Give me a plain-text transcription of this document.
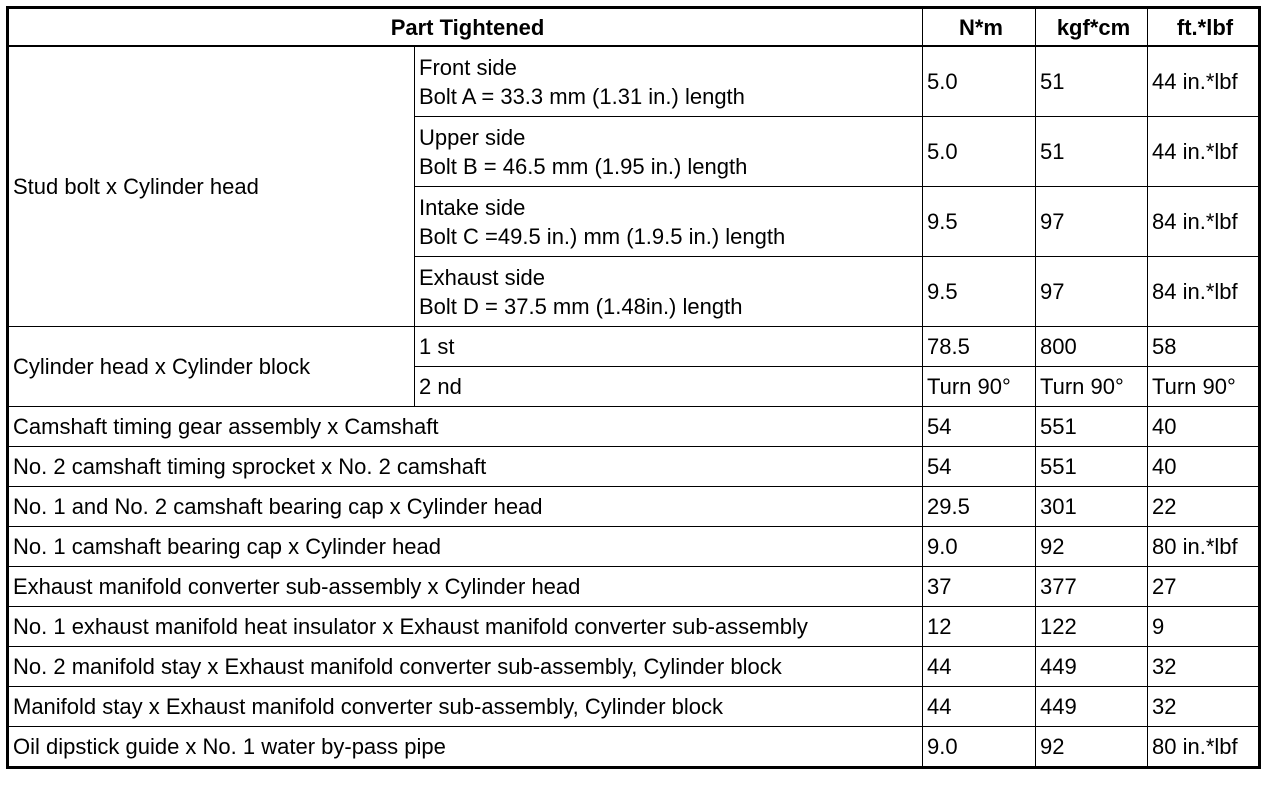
Part Tightened		N*m	kgf*cm	ft.*lbf
Stud bolt x Cylinder head	Front side
Bolt A = 33.3 mm (1.31 in.) length	5.0	51	44 in.*lbf

	Upper side
Bolt B = 46.5 mm (1.95 in.) length	5.0	51	44 in.*lbf

	Intake side
Bolt C =49.5 in.) mm (1.9.5 in.) length	9.5	97	84 in.*lbf

	Exhaust side
Bolt D = 37.5 mm (1.48in.) length	9.5	97	84 in.*lbf
Cylinder head x Cylinder block	1 st	78.5	800	58
	2 nd	Turn 90°	Turn 90°	Turn 90°
Camshaft timing gear assembly x Camshaft		54	551	40
No. 2 camshaft timing sprocket x No. 2 camshaft		54	551	40
No. 1 and No. 2 camshaft bearing cap x Cylinder head		29.5	301	22
No. 1 camshaft bearing cap x Cylinder head		9.0	92	80 in.*lbf
Exhaust manifold converter sub-assembly x Cylinder head		37	377	27
No. 1 exhaust manifold heat insulator x Exhaust manifold converter sub-assembly		12	122	9
No. 2 manifold stay x Exhaust manifold converter sub-assembly, Cylinder block		44	449	32
Manifold stay x Exhaust manifold converter sub-assembly, Cylinder block		44	449	32
Oil dipstick guide x No. 1 water by-pass pipe		9.0	92	80 in.*lbf
